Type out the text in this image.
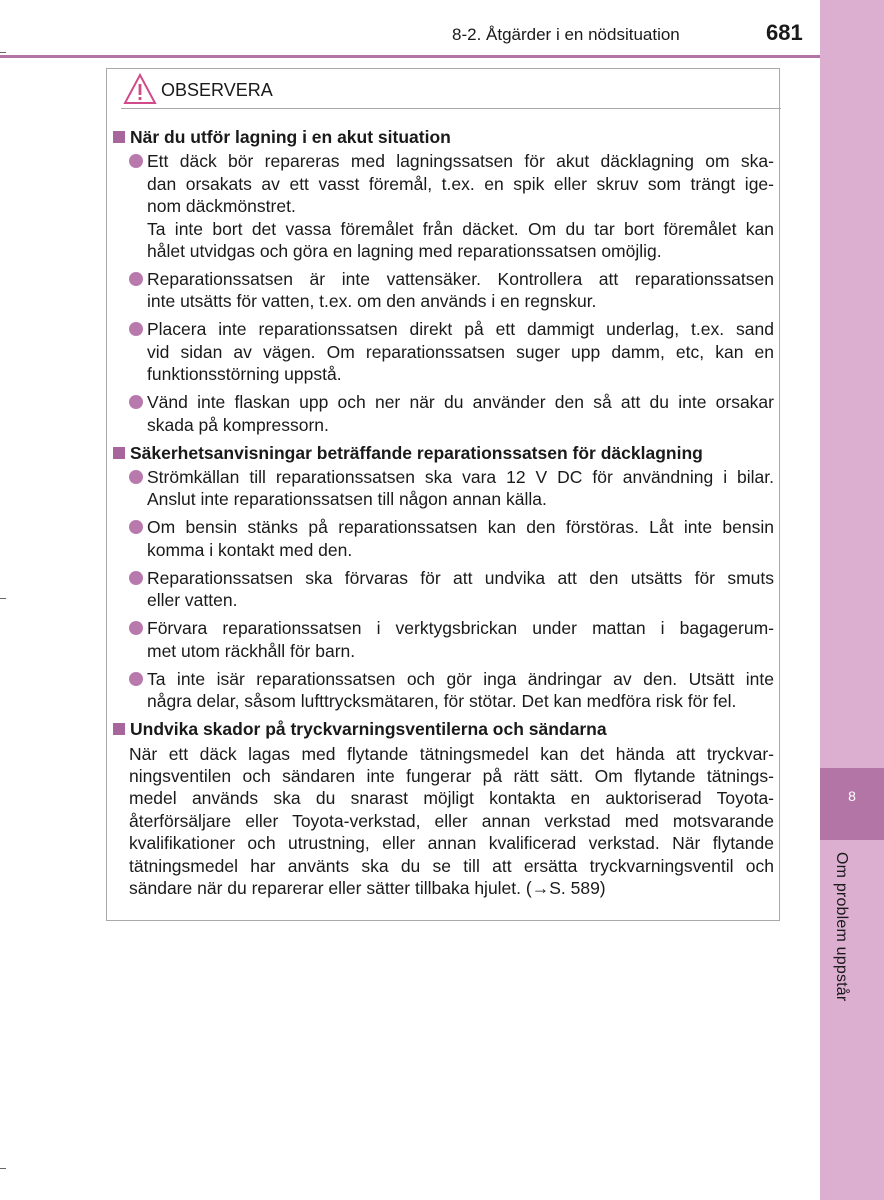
8
Om problem uppstår
8-2. Åtgärder i en nödsituation	681
OBSERVERA
När du utför lagning i en akut situation
Ett däck bör repareras med lagningssatsen för akut däcklagning om ska-
dan orsakats av ett vasst föremål, t.ex. en spik eller skruv som trängt ige-
nom däckmönstret.
Ta inte bort det vassa föremålet från däcket. Om du tar bort föremålet kan
hålet utvidgas och göra en lagning med reparationssatsen omöjlig.
Reparationssatsen är inte vattensäker. Kontrollera att reparationssatsen
inte utsätts för vatten, t.ex. om den används i en regnskur.
Placera inte reparationssatsen direkt på ett dammigt underlag, t.ex. sand
vid sidan av vägen. Om reparationssatsen suger upp damm, etc, kan en
funktionsstörning uppstå.
Vänd inte flaskan upp och ner när du använder den så att du inte orsakar
skada på kompressorn.
Säkerhetsanvisningar beträffande reparationssatsen för däcklagning
Strömkällan till reparationssatsen ska vara 12 V DC för användning i bilar.
Anslut inte reparationssatsen till någon annan källa.
Om bensin stänks på reparationssatsen kan den förstöras. Låt inte bensin
komma i kontakt med den.
Reparationssatsen ska förvaras för att undvika att den utsätts för smuts
eller vatten.
Förvara reparationssatsen i verktygsbrickan under mattan i bagagerum-
met utom räckhåll för barn.
Ta inte isär reparationssatsen och gör inga ändringar av den. Utsätt inte
några delar, såsom lufttrycksmätaren, för stötar. Det kan medföra risk för fel.
Undvika skador på tryckvarningsventilerna och sändarna
När ett däck lagas med flytande tätningsmedel kan det hända att tryckvar-
ningsventilen och sändaren inte fungerar på rätt sätt. Om flytande tätnings-
medel används ska du snarast möjligt kontakta en auktoriserad Toyota-
återförsäljare eller Toyota-verkstad, eller annan verkstad med motsvarande
kvalifikationer och utrustning, eller annan kvalificerad verkstad. När flytande
tätningsmedel har använts ska du se till att ersätta tryckvarningsventil och
sändare när du reparerar eller sätter tillbaka hjulet. (→S. 589)
